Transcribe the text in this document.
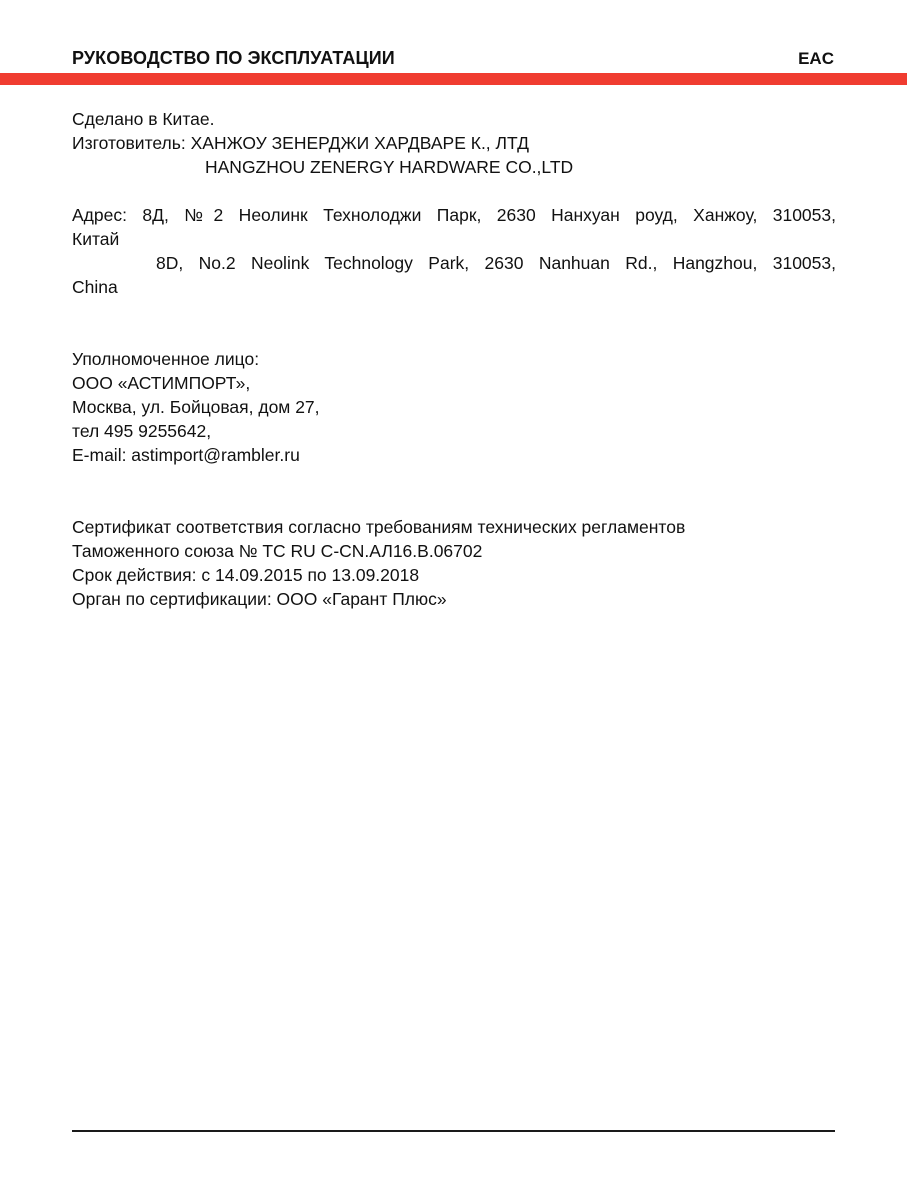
РУКОВОДСТВО ПО ЭКСПЛУАТАЦИИ	EAC
Сделано в Китае.
Изготовитель: ХАНЖОУ ЗЕНЕРДЖИ ХАРДВАРЕ К., ЛТД
HANGZHOU ZENERGY HARDWARE CO.,LTD
Адрес: 8Д, №2 Неолинк Технолоджи Парк, 2630 Нанхуан роуд, Ханжоу, 310053,
Китай
8D, No.2 Neolink Technology Park, 2630 Nanhuan Rd., Hangzhou, 310053,
China
Уполномоченное лицо:
ООО «АСТИМПОРТ»,
Москва, ул. Бойцовая, дом 27,
тел 495 9255642,
E-mail: astimport@rambler.ru
Сертификат соответствия согласно требованиям технических регламентов
Таможенного союза № ТС RU C-CN.АЛ16.В.06702
Срок действия: с 14.09.2015 по 13.09.2018
Орган по сертификации: ООО «Гарант Плюс»
